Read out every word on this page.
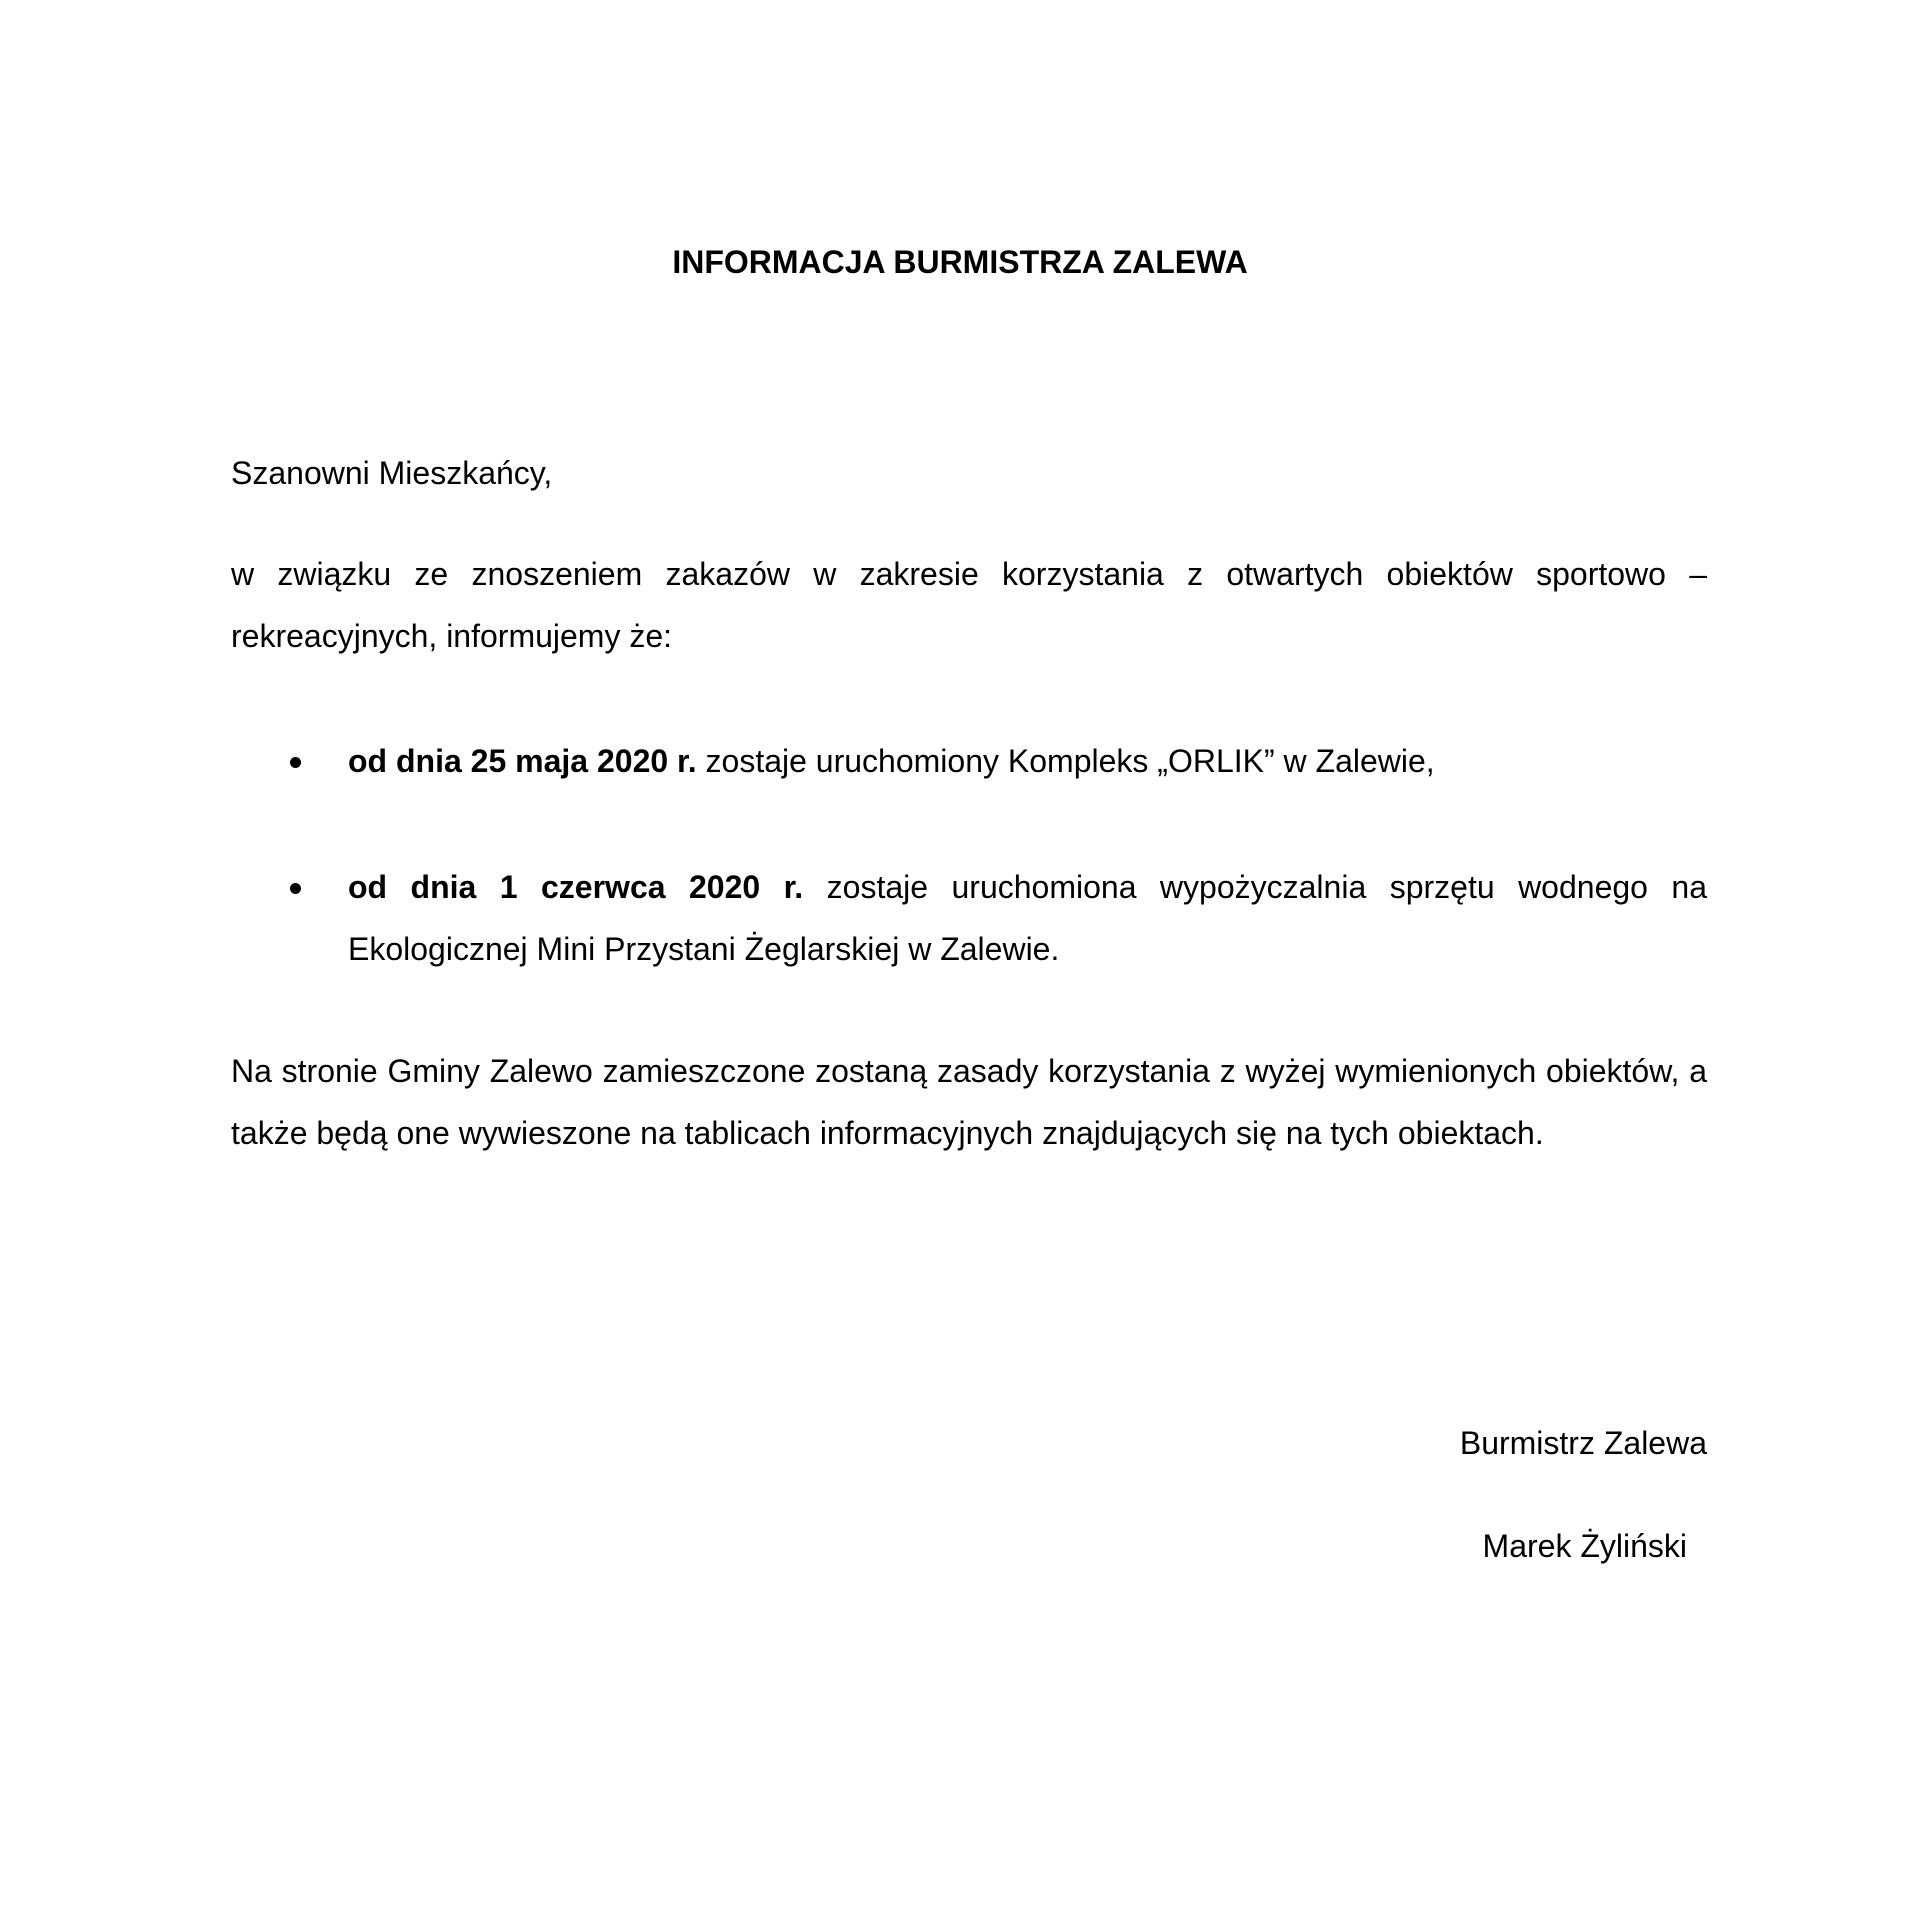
INFORMACJA BURMISTRZA ZALEWA
Szanowni Mieszkańcy,
w związku ze znoszeniem zakazów w zakresie korzystania z otwartych obiektów sportowo – rekreacyjnych, informujemy że:
od dnia 25 maja 2020 r. zostaje uruchomiony Kompleks „ORLIK” w Zalewie,
od dnia 1 czerwca 2020 r. zostaje uruchomiona wypożyczalnia sprzętu wodnego na Ekologicznej Mini Przystani Żeglarskiej w Zalewie.
Na stronie Gminy Zalewo zamieszczone zostaną zasady korzystania z wyżej wymienionych obiektów, a także będą one wywieszone na tablicach informacyjnych znajdujących się na tych obiektach.
Burmistrz Zalewa
Marek Żyliński
